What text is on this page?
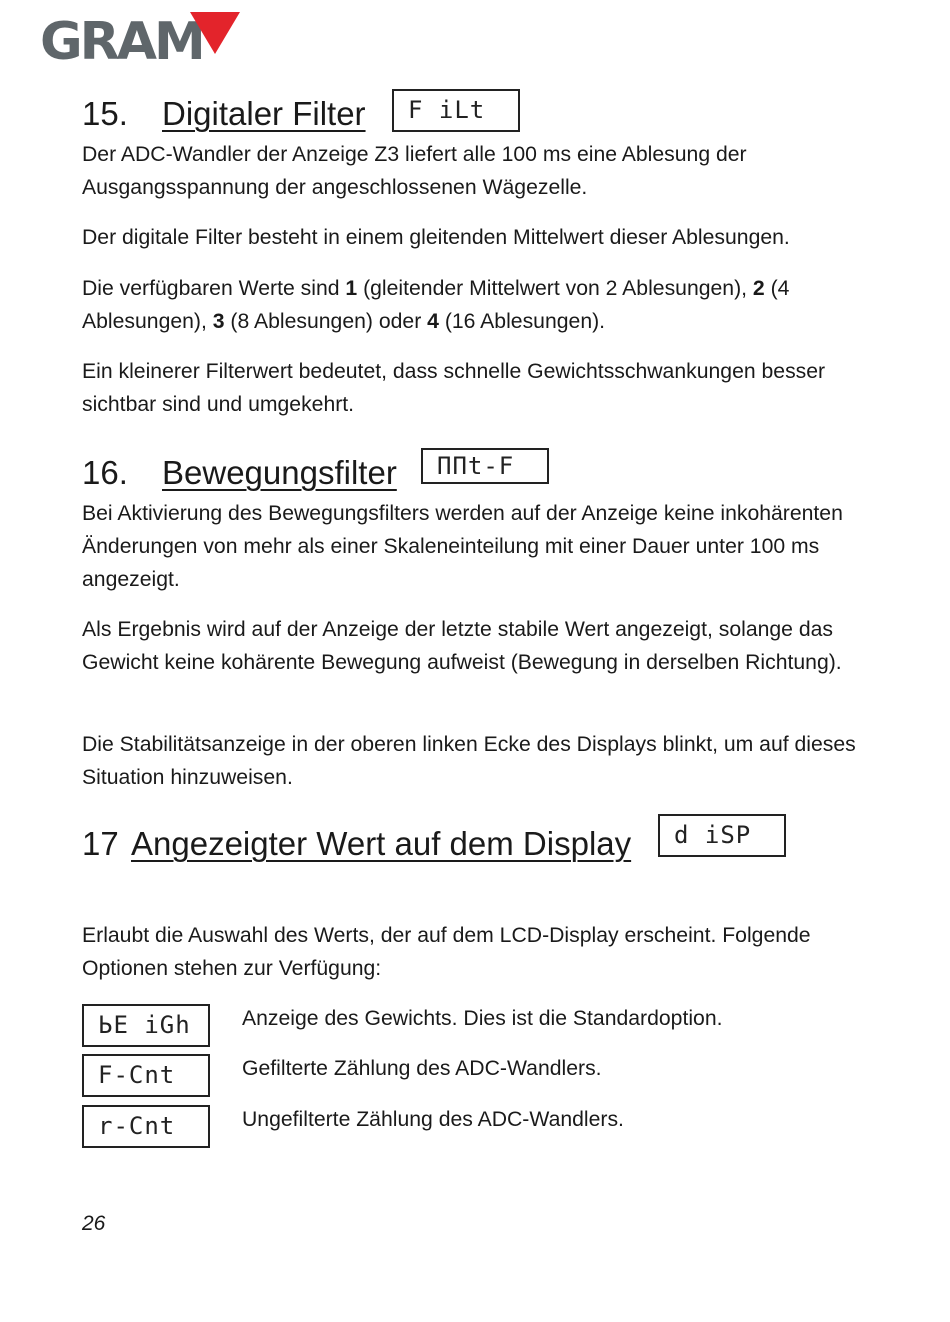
GRAM
15. Digitaler Filter	F iLt

Der ADC-Wandler der Anzeige Z3 liefert alle 100 ms eine Ablesung der Ausgangsspannung der angeschlossenen Wägezelle.

Der digitale Filter besteht in einem gleitenden Mittelwert dieser Ablesungen.

Die verfügbaren Werte sind 1 (gleitender Mittelwert von 2 Ablesungen), 2 (4 Ablesungen), 3 (8 Ablesungen) oder 4 (16 Ablesungen).

Ein kleinerer Filterwert bedeutet, dass schnelle Gewichtsschwankungen besser sichtbar sind und umgekehrt.

16. Bewegungsfilter	ΠΠt-F

Bei Aktivierung des Bewegungsfilters werden auf der Anzeige keine inkohärenten Änderungen von mehr als einer Skaleneinteilung mit einer Dauer unter 100 ms angezeigt.

Als Ergebnis wird auf der Anzeige der letzte stabile Wert angezeigt, solange das Gewicht keine kohärente Bewegung aufweist (Bewegung in derselben Richtung).

Die Stabilitätsanzeige in der oberen linken Ecke des Displays blinkt, um auf dieses Situation hinzuweisen.

17 Angezeigter Wert auf dem Display	d iSP

Erlaubt die Auswahl des Werts, der auf dem LCD-Display erscheint. Folgende Optionen stehen zur Verfügung:

ЬЕ iGh	Anzeige des Gewichts. Dies ist die Standardoption.
F-Cnt	Gefilterte Zählung des ADC-Wandlers.
r-Cnt	Ungefilterte Zählung des ADC-Wandlers.
26
